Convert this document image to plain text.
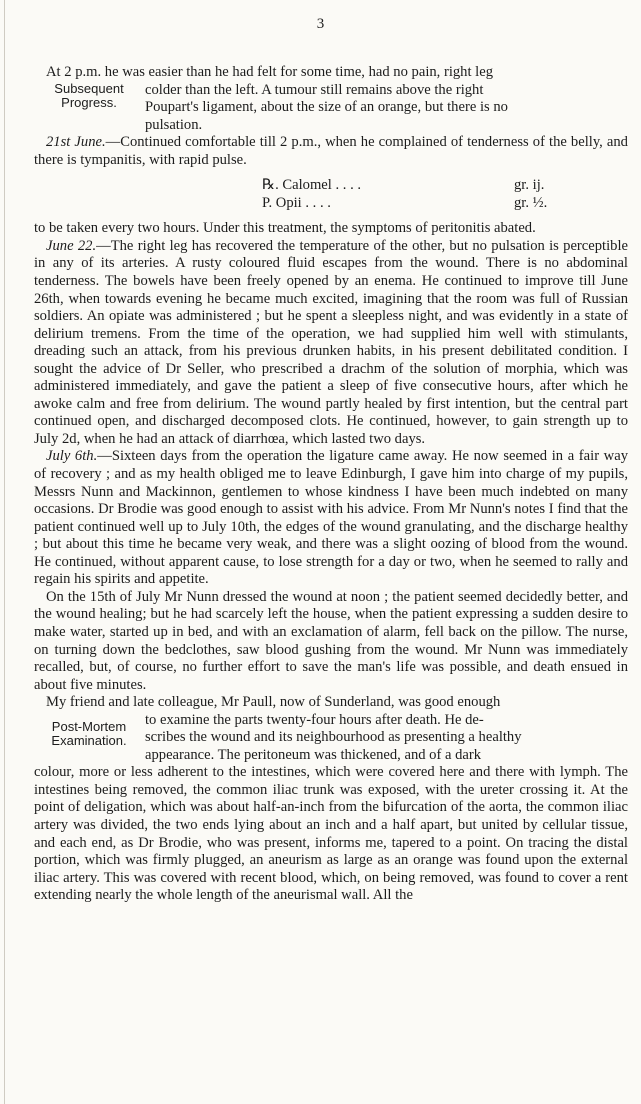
3
At 2 p.m. he was easier than he had felt for some time, had no pain, right leg
Subsequent Progress.
colder than the left. A tumour still remains above the right
Poupart's ligament, about the size of an orange, but there is no
pulsation.

21st June.—Continued comfortable till 2 p.m., when he complained of tenderness of the belly, and there is tympanitis, with rapid pulse.

℞. Calomel . . . .	gr. ij.
P. Opii . . . .	gr. ½.

to be taken every two hours. Under this treatment, the symptoms of peritonitis abated.

June 22.—The right leg has recovered the temperature of the other, but no pulsation is perceptible in any of its arteries. A rusty coloured fluid escapes from the wound. There is no abdominal tenderness. The bowels have been freely opened by an enema. He continued to improve till June 26th, when towards evening he became much excited, imagining that the room was full of Russian soldiers. An opiate was administered ; but he spent a sleepless night, and was evidently in a state of delirium tremens. From the time of the operation, we had supplied him well with stimulants, dreading such an attack, from his previous drunken habits, in his present debilitated condition. I sought the advice of Dr Seller, who prescribed a drachm of the solution of morphia, which was administered immediately, and gave the patient a sleep of five consecutive hours, after which he awoke calm and free from delirium. The wound partly healed by first intention, but the central part continued open, and discharged decomposed clots. He continued, however, to gain strength up to July 2d, when he had an attack of diarrhœa, which lasted two days.

July 6th.—Sixteen days from the operation the ligature came away. He now seemed in a fair way of recovery ; and as my health obliged me to leave Edinburgh, I gave him into charge of my pupils, Messrs Nunn and Mackinnon, gentlemen to whose kindness I have been much indebted on many occasions. Dr Brodie was good enough to assist with his advice. From Mr Nunn's notes I find that the patient continued well up to July 10th, the edges of the wound granulating, and the discharge healthy ; but about this time he became very weak, and there was a slight oozing of blood from the wound. He continued, without apparent cause, to lose strength for a day or two, when he seemed to rally and regain his spirits and appetite.

On the 15th of July Mr Nunn dressed the wound at noon ; the patient seemed decidedly better, and the wound healing; but he had scarcely left the house, when the patient expressing a sudden desire to make water, started up in bed, and with an exclamation of alarm, fell back on the pillow. The nurse, on turning down the bedclothes, saw blood gushing from the wound. Mr Nunn was immediately recalled, but, of course, no further effort to save the man's life was possible, and death ensued in about five minutes.

My friend and late colleague, Mr Paull, now of Sunderland, was good enough
Post-Mortem Examination.
to examine the parts twenty-four hours after death. He de-
scribes the wound and its neighbourhood as presenting a healthy
appearance. The peritoneum was thickened, and of a dark
colour, more or less adherent to the intestines, which were covered here and there with lymph. The intestines being removed, the common iliac trunk was exposed, with the ureter crossing it. At the point of deligation, which was about half-an-inch from the bifurcation of the aorta, the common iliac artery was divided, the two ends lying about an inch and a half apart, but united by cellular tissue, and each end, as Dr Brodie, who was present, informs me, tapered to a point. On tracing the distal portion, which was firmly plugged, an aneurism as large as an orange was found upon the external iliac artery. This was covered with recent blood, which, on being removed, was found to cover a rent extending nearly the whole length of the aneurismal wall. All the
